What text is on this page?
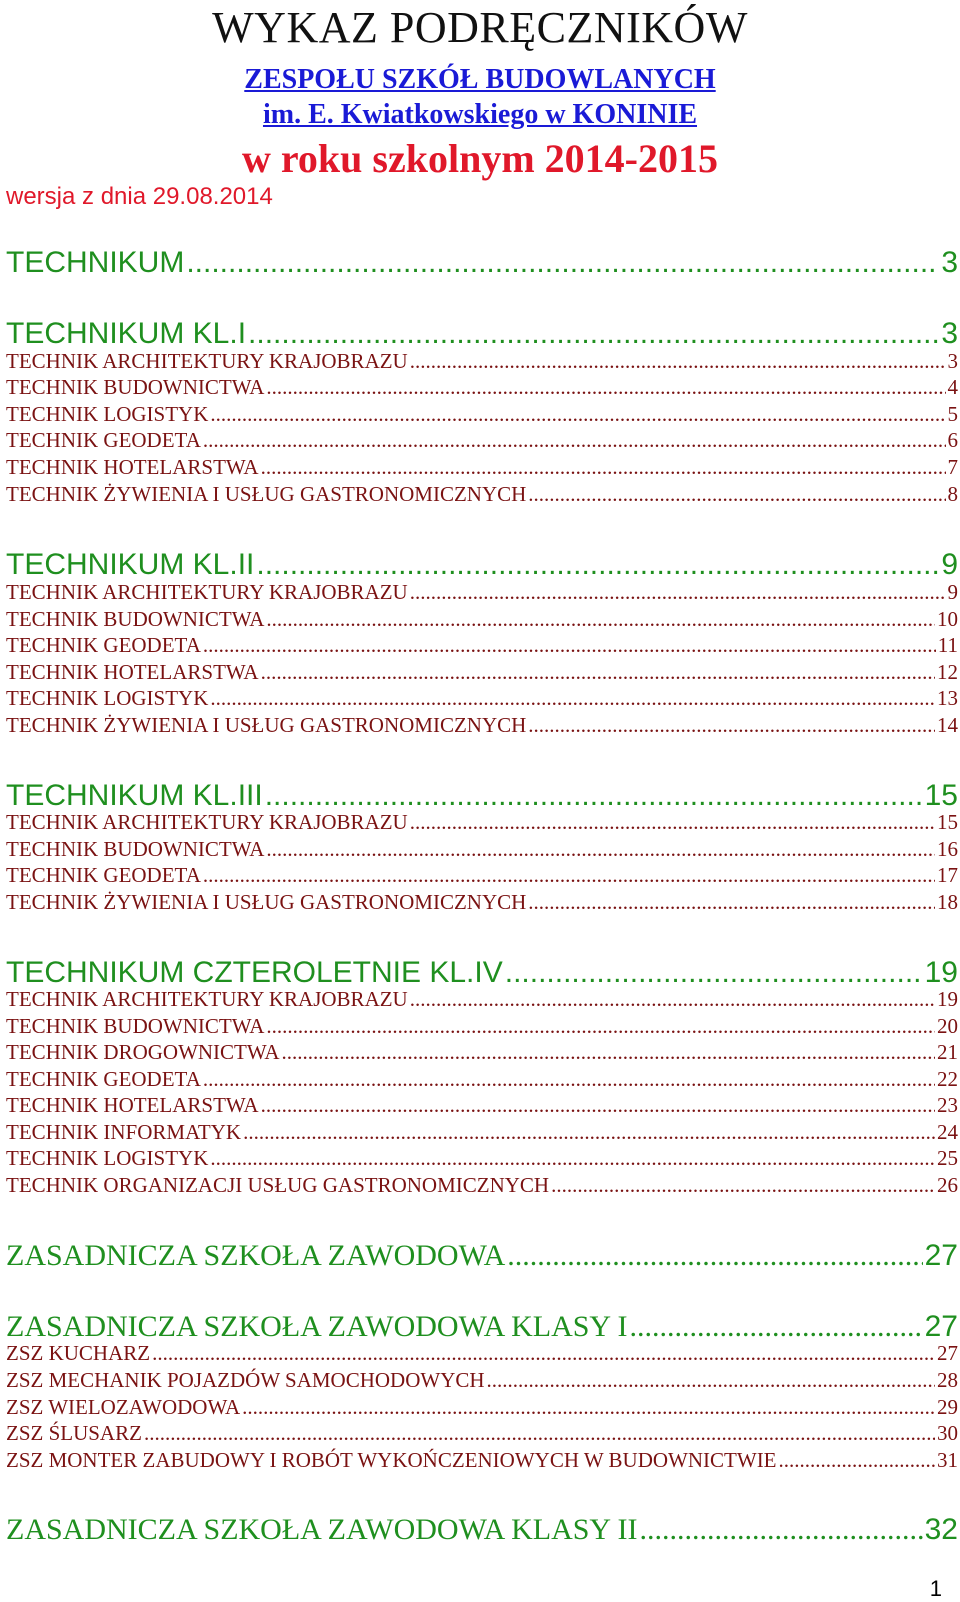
WYKAZ PODRĘCZNIKÓW
ZESPOŁU SZKÓŁ BUDOWLANYCH
im. E. Kwiatkowskiego w KONINIE
w roku szkolnym 2014-2015
wersja z dnia 29.08.2014
TECHNIKUM .....	3
TECHNIKUM KL.I .....	3
TECHNIK ARCHITEKTURY KRAJOBRAZU .....	3
TECHNIK BUDOWNICTWA .....	4
TECHNIK LOGISTYK .....	5
TECHNIK GEODETA .....	6
TECHNIK HOTELARSTWA .....	7
TECHNIK ŻYWIENIA I USŁUG GASTRONOMICZNYCH .....	8
TECHNIKUM KL.II .....	9
TECHNIK ARCHITEKTURY KRAJOBRAZU .....	9
TECHNIK BUDOWNICTWA .....	10
TECHNIK GEODETA .....	11
TECHNIK HOTELARSTWA .....	12
TECHNIK LOGISTYK .....	13
TECHNIK ŻYWIENIA I USŁUG GASTRONOMICZNYCH .....	14
TECHNIKUM KL.III .....	15
TECHNIK ARCHITEKTURY KRAJOBRAZU .....	15
TECHNIK BUDOWNICTWA .....	16
TECHNIK GEODETA .....	17
TECHNIK ŻYWIENIA I USŁUG GASTRONOMICZNYCH .....	18
TECHNIKUM CZTEROLETNIE KL.IV .....	19
TECHNIK ARCHITEKTURY KRAJOBRAZU .....	19
TECHNIK BUDOWNICTWA .....	20
TECHNIK DROGOWNICTWA .....	21
TECHNIK GEODETA .....	22
TECHNIK HOTELARSTWA .....	23
TECHNIK INFORMATYK .....	24
TECHNIK LOGISTYK .....	25
TECHNIK ORGANIZACJI USŁUG GASTRONOMICZNYCH .....	26
ZASADNICZA SZKOŁA ZAWODOWA .....	27
ZASADNICZA SZKOŁA ZAWODOWA KLASY I .....	27
ZSZ KUCHARZ .....	27
ZSZ MECHANIK POJAZDÓW SAMOCHODOWYCH .....	28
ZSZ WIELOZAWODOWA .....	29
ZSZ ŚLUSARZ .....	30
ZSZ MONTER ZABUDOWY I ROBÓT WYKOŃCZENIOWYCH W BUDOWNICTWIE .....	31
ZASADNICZA SZKOŁA ZAWODOWA KLASY II .....	32
1
